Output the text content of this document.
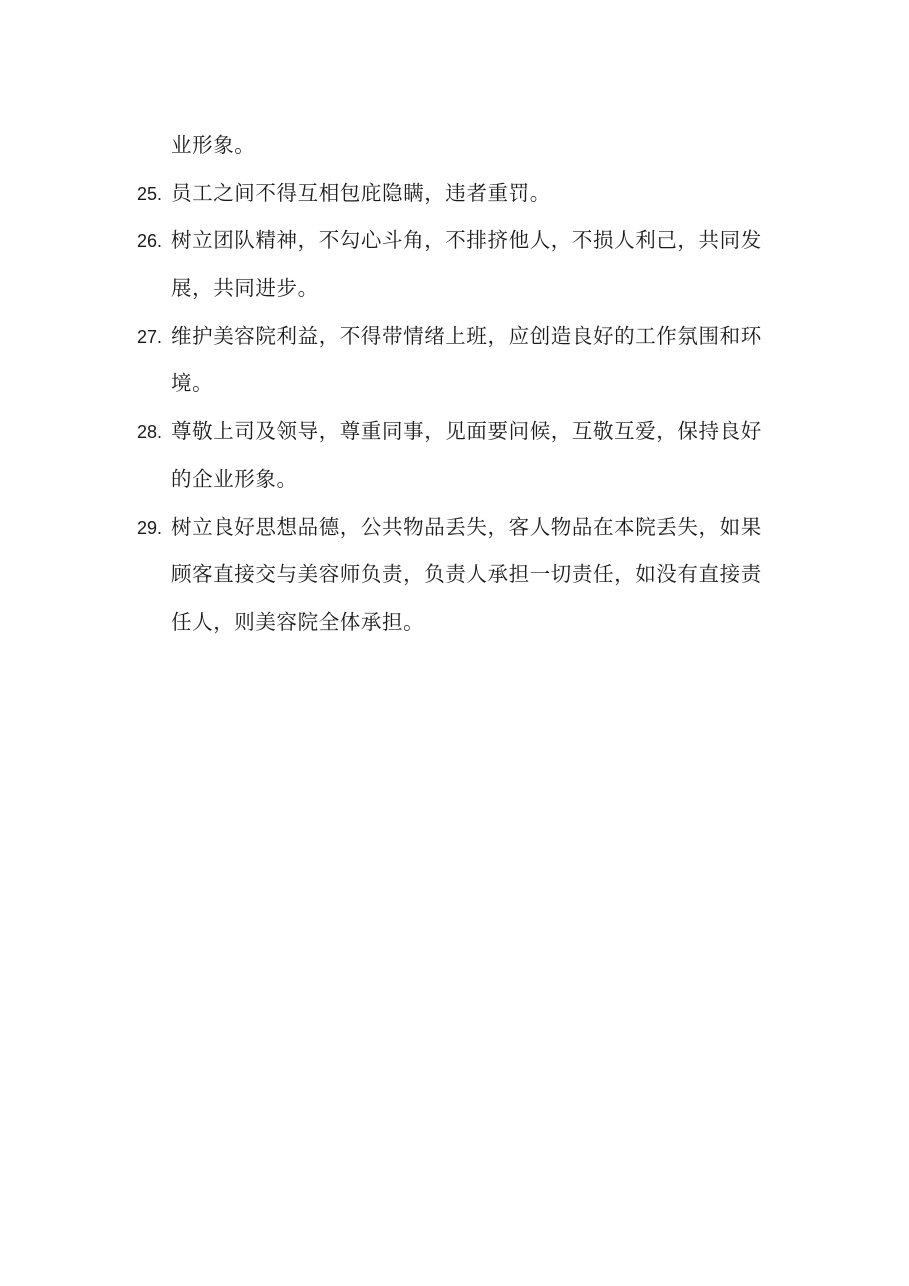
业形象。
25. 员工之间不得互相包庇隐瞒，违者重罚。
26. 树立团队精神，不勾心斗角，不排挤他人，不损人利己，共同发
展，共同进步。
27. 维护美容院利益，不得带情绪上班，应创造良好的工作氛围和环
境。
28. 尊敬上司及领导，尊重同事，见面要问候，互敬互爱，保持良好
的企业形象。
29. 树立良好思想品德，公共物品丢失，客人物品在本院丢失，如果
顾客直接交与美容师负责，负责人承担一切责任，如没有直接责
任人，则美容院全体承担。
